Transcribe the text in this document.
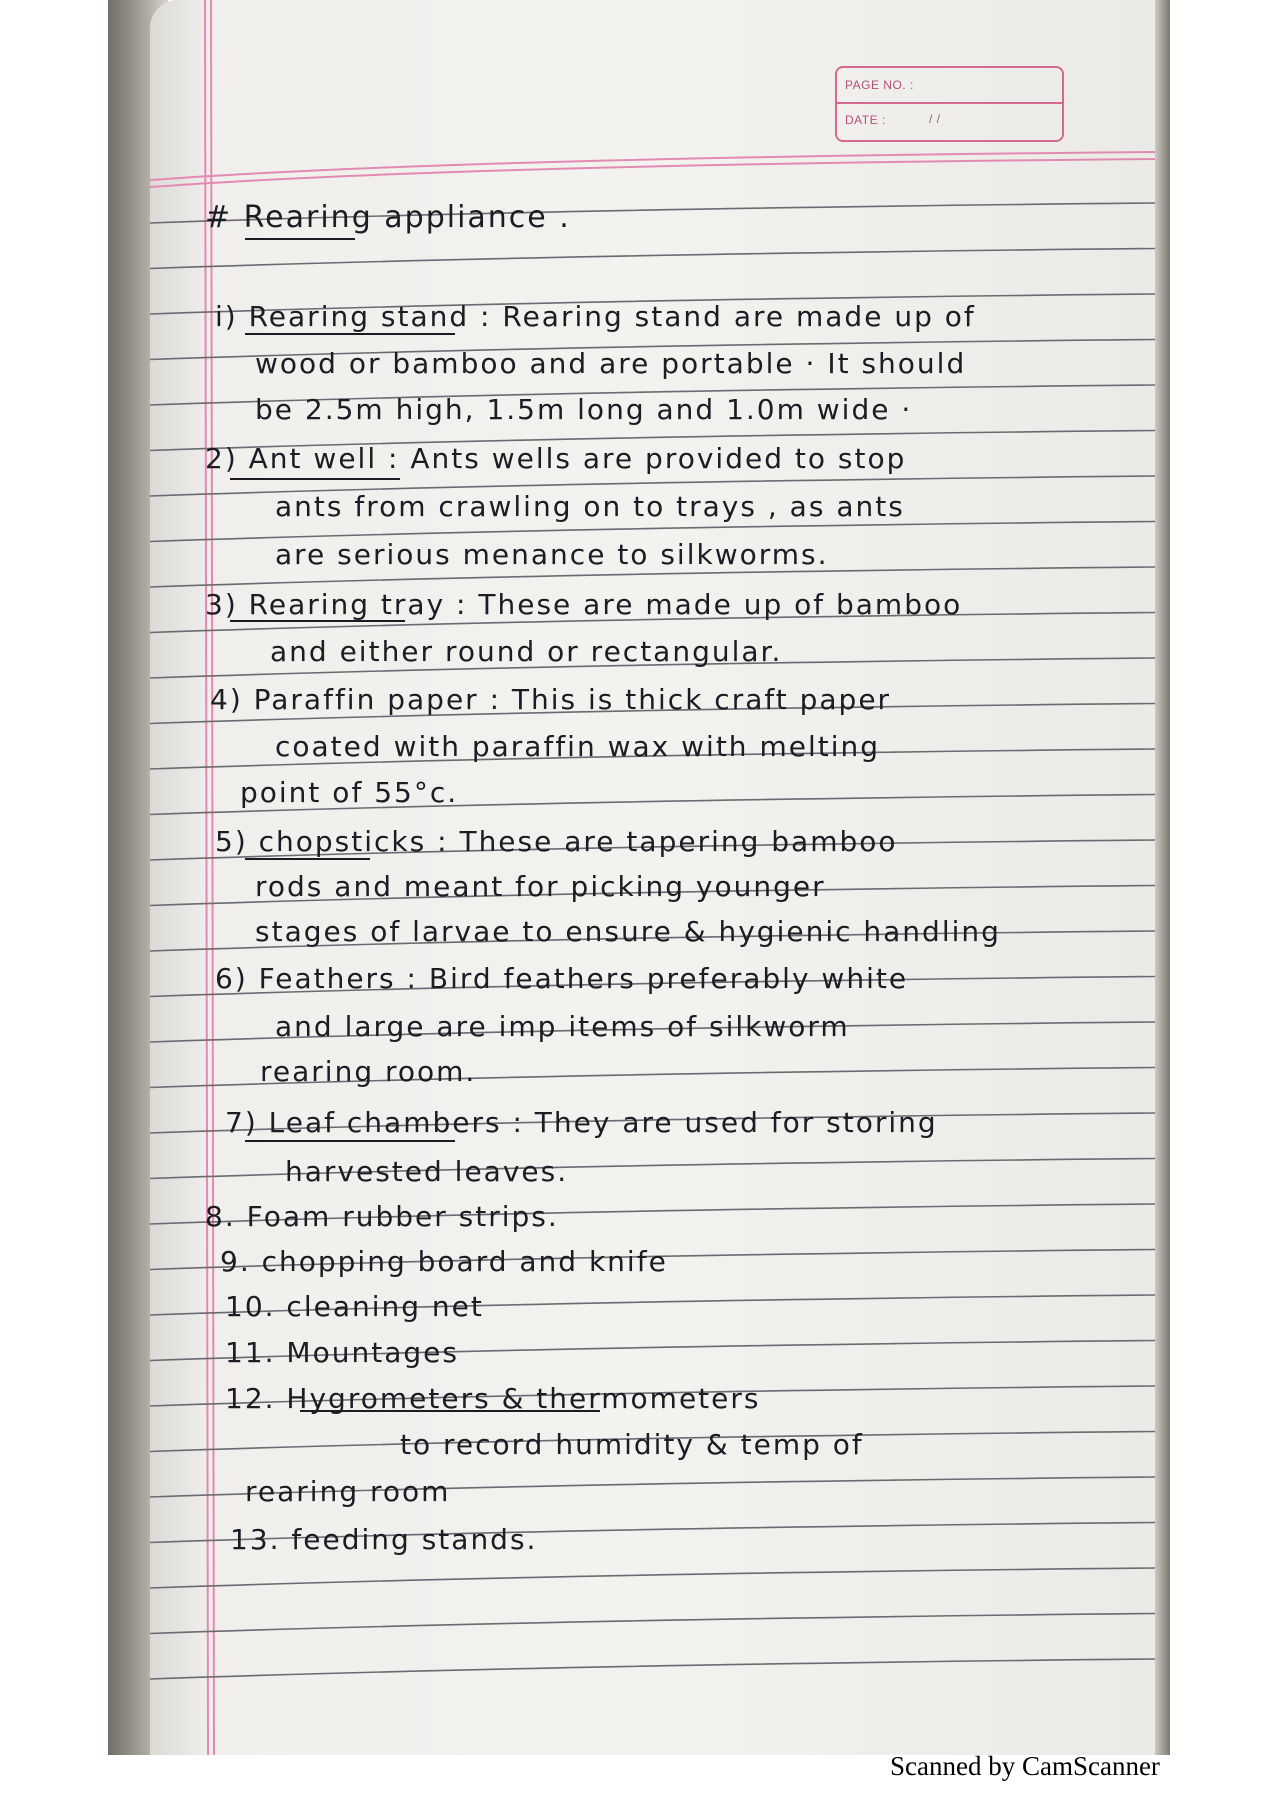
PAGE NO. :
DATE :	/ /
# Rearing appliance .
i) Rearing stand : Rearing stand are made up of
wood or bamboo and are portable · It should
be 2.5m high, 1.5m long and 1.0m wide ·
2) Ant well : Ants wells are provided to stop
ants from crawling on to trays , as ants
are serious menance to silkworms.
3) Rearing tray : These are made up of bamboo
and either round or rectangular.
4) Paraffin paper : This is thick craft paper
coated with paraffin wax with melting
point of 55°c.
5) chopsticks : These are tapering bamboo
rods and meant for picking younger
stages of larvae to ensure & hygienic handling
6) Feathers : Bird feathers preferably white
and large are imp items of silkworm
rearing room.
7) Leaf chambers : They are used for storing
harvested leaves.
8. Foam rubber strips.
9. chopping board and knife
10. cleaning net
11. Mountages
12. Hygrometers & thermometers
to record humidity & temp of
rearing room
13. feeding stands.
Scanned by CamScanner
